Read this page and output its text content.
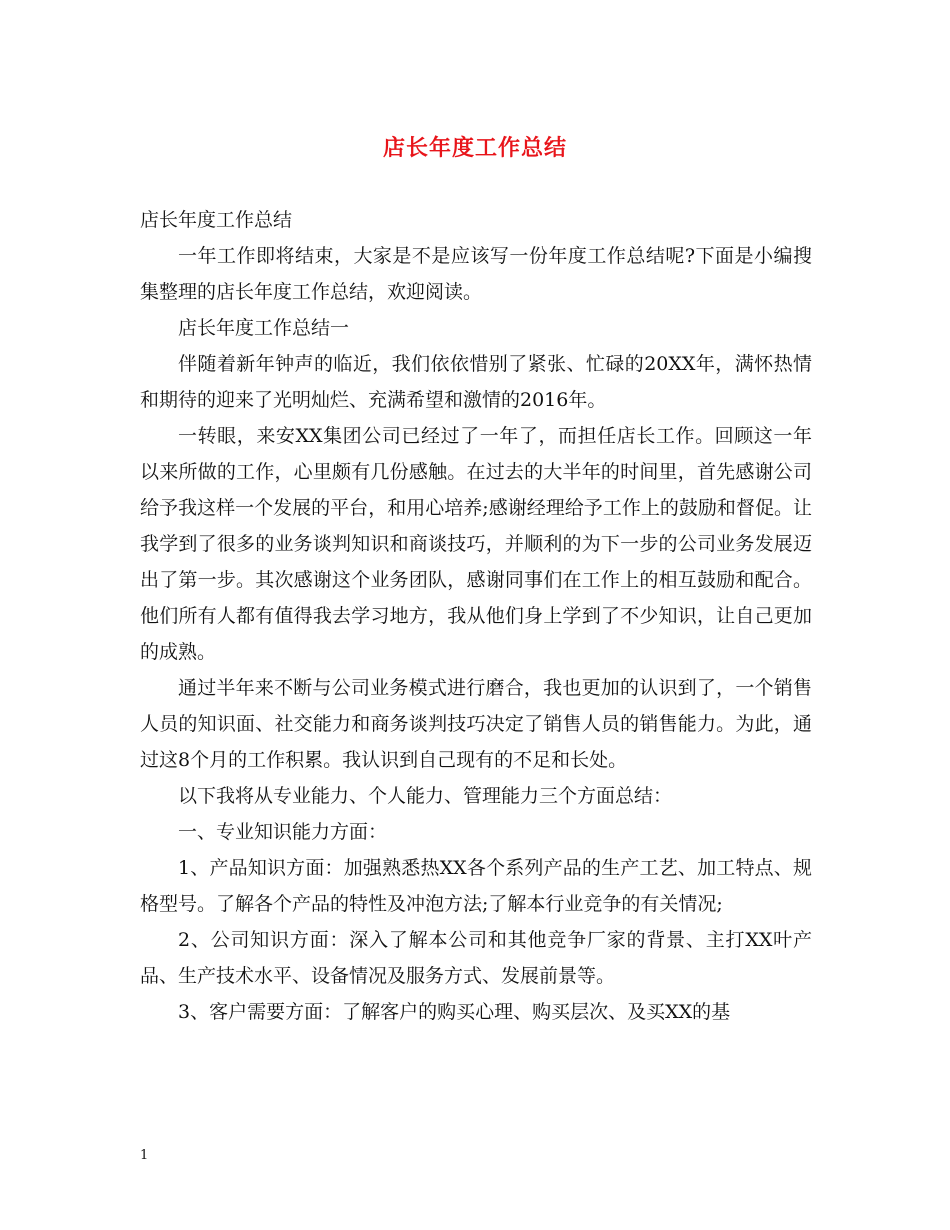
店长年度工作总结

店长年度工作总结

一年工作即将结束，大家是不是应该写一份年度工作总结呢?下面是小编搜集整理的店长年度工作总结，欢迎阅读。

店长年度工作总结一

伴随着新年钟声的临近，我们依依惜别了紧张、忙碌的20XX年，满怀热情和期待的迎来了光明灿烂、充满希望和激情的2016年。

一转眼，来安XX集团公司已经过了一年了，而担任店长工作。回顾这一年以来所做的工作，心里颇有几份感触。在过去的大半年的时间里，首先感谢公司给予我这样一个发展的平台，和用心培养;感谢经理给予工作上的鼓励和督促。让我学到了很多的业务谈判知识和商谈技巧，并顺利的为下一步的公司业务发展迈出了第一步。其次感谢这个业务团队，感谢同事们在工作上的相互鼓励和配合。他们所有人都有值得我去学习地方，我从他们身上学到了不少知识，让自己更加的成熟。

通过半年来不断与公司业务模式进行磨合，我也更加的认识到了，一个销售人员的知识面、社交能力和商务谈判技巧决定了销售人员的销售能力。为此，通过这8个月的工作积累。我认识到自己现有的不足和长处。

以下我将从专业能力、个人能力、管理能力三个方面总结：

一、专业知识能力方面：

1、产品知识方面：加强熟悉热XX各个系列产品的生产工艺、加工特点、规格型号。了解各个产品的特性及冲泡方法;了解本行业竞争的有关情况;

2、公司知识方面：深入了解本公司和其他竞争厂家的背景、主打XX叶产品、生产技术水平、设备情况及服务方式、发展前景等。

3、客户需要方面：了解客户的购买心理、购买层次、及买XX的基

1
